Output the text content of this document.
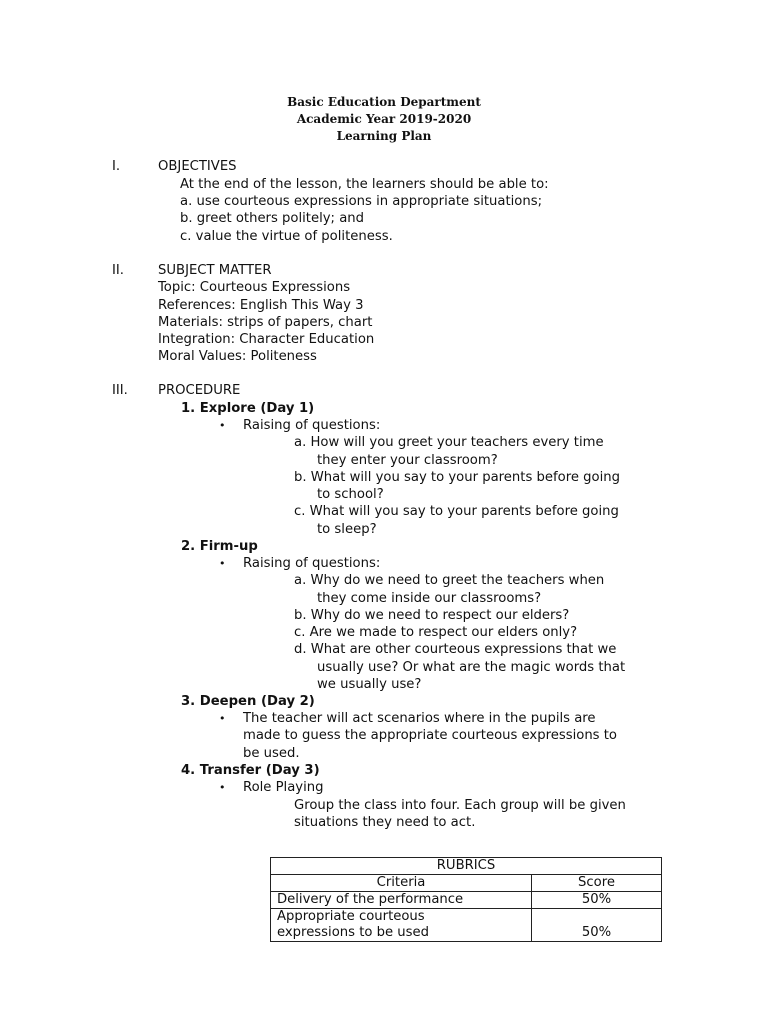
Basic Education Department
Academic Year 2019-2020
Learning Plan
I.	OBJECTIVES
At the end of the lesson, the learners should be able to:
a. use courteous expressions in appropriate situations;
b. greet others politely; and
c. value the virtue of politeness.
II.	SUBJECT MATTER
Topic: Courteous Expressions
References: English This Way 3
Materials: strips of papers, chart
Integration: Character Education
Moral Values: Politeness
III. PROCEDURE
1. Explore (Day 1)
• Raising of questions:
a. How will you greet your teachers every time
they enter your classroom?
b. What will you say to your parents before going
to school?
c. What will you say to your parents before going
to sleep?
2. Firm-up
• Raising of questions:
a. Why do we need to greet the teachers when
they come inside our classrooms?
b. Why do we need to respect our elders?
c. Are we made to respect our elders only?
d. What are other courteous expressions that we
usually use? Or what are the magic words that
we usually use?
3. Deepen (Day 2)
• The teacher will act scenarios where in the pupils are
made to guess the appropriate courteous expressions to
be used.
4. Transfer (Day 3)
• Role Playing
Group the class into four. Each group will be given
situations they need to act.
RUBRICS	
Criteria	Score
Delivery of the performance	50%

Appropriate courteous
expressions to be used	50%
